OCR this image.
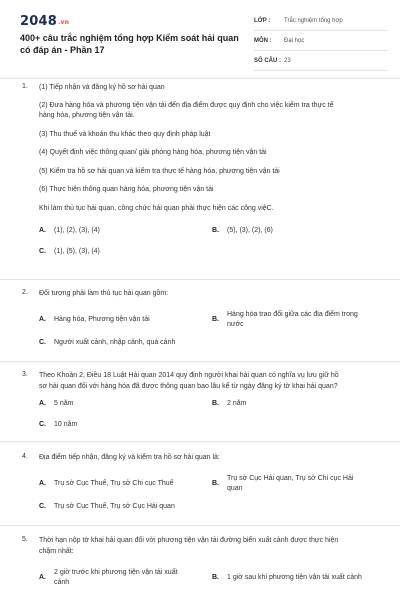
2048.vn
400+ câu trắc nghiệm tổng hợp Kiểm soát hải quan có đáp án - Phần 17
LỚP : Trắc nghiệm tổng hợp
MÔN : Đại học
SỐ CÂU : 23
1. (1) Tiếp nhận và đăng ký hồ sơ hải quan
(2) Đưa hàng hóa và phương tiện vận tải đến địa điểm được quy định cho việc kiểm tra thực tế
hàng hóa, phương tiện vận tải.
(3) Thu thuế và khoản thu khác theo quy định pháp luật
(4) Quyết định việc thông quan/ giải phóng hàng hóa, phương tiện vận tải
(5) Kiểm tra hồ sơ hải quan và kiểm tra thực tế hàng hóa, phương tiện vận tải
(6) Thực hiện thông quan hàng hóa, phương tiện vận tải
Khi làm thủ tục hải quan, công chức hải quan phải thực hiện các công việC.
A. (1), (2), (3), (4)	B. (5), (3), (2), (6)
C. (1), (5), (3), (4)
2. Đối tượng phải làm thủ tục hải quan gồm:
A. Hàng hóa, Phương tiện vận tải	B.
Hàng hóa trao đổi giữa các địa điểm trong
nước
C. Người xuất cảnh, nhập cảnh, quá cảnh
3. Theo Khoản 2, Điều 18 Luật Hải quan 2014 quy định người khai hải quan có nghĩa vụ lưu giữ hồ
sơ hải quan đối với hàng hóa đã được thông quan bao lâu kể từ ngày đăng ký tờ khai hải quan?
A. 5 năm	B. 2 năm
C. 10 năm
4. Địa điểm tiếp nhận, đăng ký và kiểm tra hồ sơ hải quan là:
A. Trụ sở Cục Thuế, Trụ sở Chi cục Thuế	B.
Trụ sở Cục Hải quan, Trụ sở Chi cục Hải
quan
C. Trụ sở Cục Thuế, Trụ sở Cục Hải quan
5. Thời hạn nộp tờ khai hải quan đối với phương tiện vận tải đường biển xuất cảnh được thực hiện
chậm nhất:
A.
2 giờ trước khi phương tiện vận tải xuất
cảnh
B. 1 giờ sau khi phương tiện vận tải xuất cảnh
